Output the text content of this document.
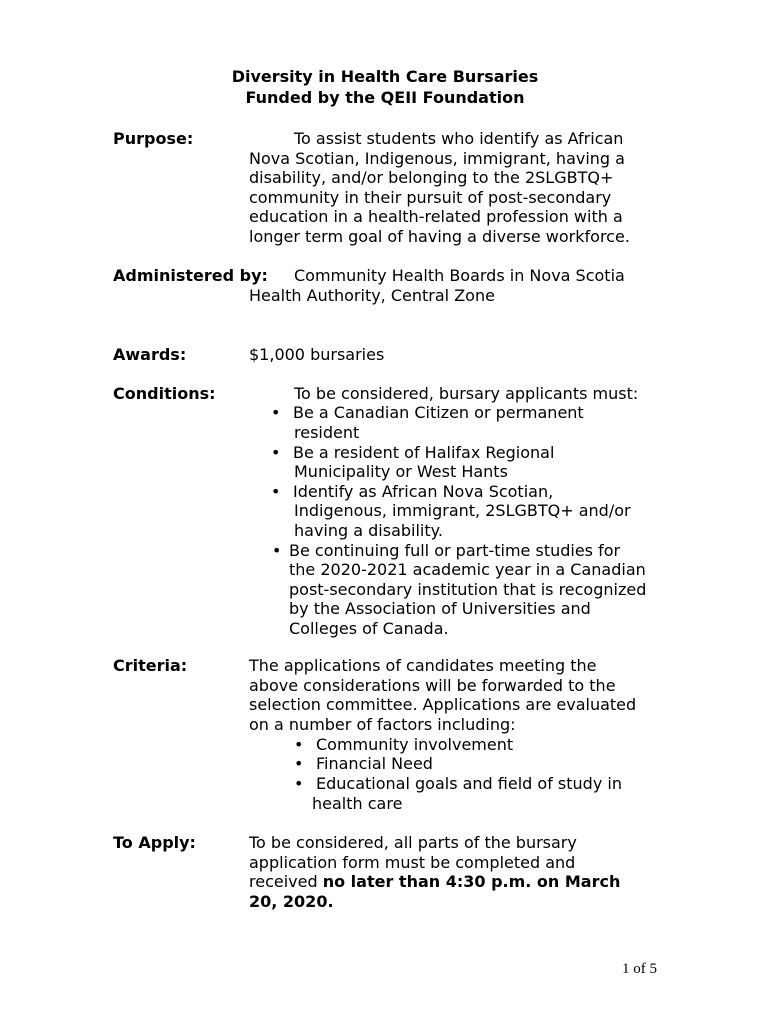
Diversity in Health Care Bursaries
Funded by the QEII Foundation
Purpose:	To assist students who identify as African
Nova Scotian, Indigenous, immigrant, having a
disability, and/or belonging to the 2SLGBTQ+
community in their pursuit of post-secondary
education in a health-related profession with a
longer term goal of having a diverse workforce.
Administered by:	Community Health Boards in Nova Scotia
Health Authority, Central Zone
Awards:	$1,000 bursaries
Conditions:	To be considered, bursary applicants must:
• Be a Canadian Citizen or permanent
resident
• Be a resident of Halifax Regional
Municipality or West Hants
• Identify as African Nova Scotian,
Indigenous, immigrant, 2SLGBTQ+ and/or
having a disability.
• Be continuing full or part-time studies for
the 2020-2021 academic year in a Canadian
post-secondary institution that is recognized
by the Association of Universities and
Colleges of Canada.
Criteria:	The applications of candidates meeting the
above considerations will be forwarded to the
selection committee. Applications are evaluated
on a number of factors including:
• Community involvement
• Financial Need
• Educational goals and field of study in
health care
To Apply:	To be considered, all parts of the bursary
application form must be completed and
received no later than 4:30 p.m. on March
20, 2020.
1 of 5
